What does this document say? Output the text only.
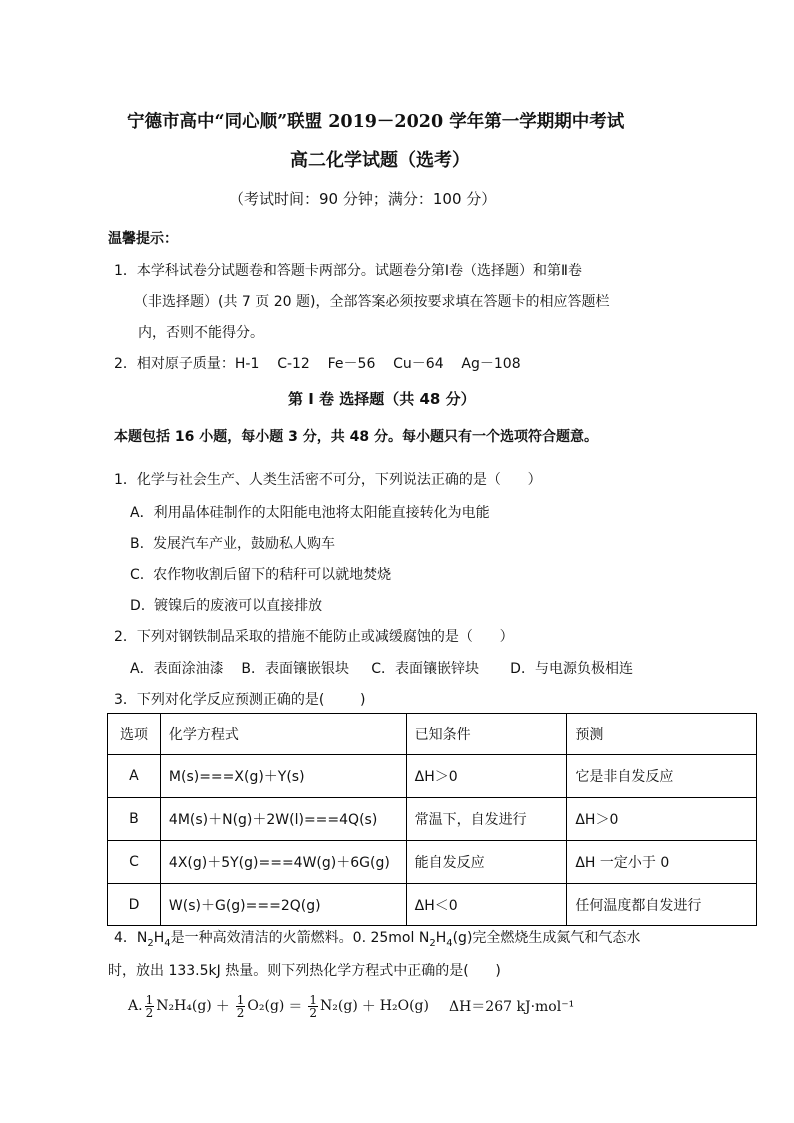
宁德市高中“同心顺”联盟 2019－2020 学年第一学期期中考试
高二化学试题（选考）
（考试时间：90 分钟；满分：100 分）
温馨提示：
1．本学科试卷分试题卷和答题卡两部分。试题卷分第Ⅰ卷（选择题）和第Ⅱ卷
（非选择题）(共 7 页 20 题)，全部答案必须按要求填在答题卡的相应答题栏
内，否则不能得分。
2．相对原子质量：H-1    C-12    Fe－56    Cu－64    Ag－108
第 I 卷 选择题（共 48 分）
本题包括 16 小题，每小题 3 分，共 48 分。每小题只有一个选项符合题意。
1．化学与社会生产、人类生活密不可分，下列说法正确的是（      ）
A．利用晶体硅制作的太阳能电池将太阳能直接转化为电能
B.  发展汽车产业，鼓励私人购车
C.  农作物收割后留下的秸秆可以就地焚烧
D.  镀镍后的废液可以直接排放
2．下列对钢铁制品采取的措施不能防止或减缓腐蚀的是（      ）
A．表面涂油漆    B．表面镶嵌银块     C．表面镶嵌锌块       D．与电源负极相连
3．下列对化学反应预测正确的是(        )
选项	化学方程式	已知条件	预测
A	M(s)===X(g)＋Y(s)	ΔH＞0	它是非自发反应
B	4M(s)＋N(g)＋2W(l)===4Q(s)	常温下，自发进行	ΔH＞0
C	4X(g)＋5Y(g)===4W(g)＋6G(g)	能自发反应	ΔH 一定小于 0
D	W(s)＋G(g)===2Q(g)	ΔH＜0	任何温度都自发进行
4．$N_2H_4$是一种高效清洁的火箭燃料。0. 25mol $N_2H_4(g)$完全燃烧生成氮气和气态水
时，放出 133.5kJ 热量。则下列热化学方程式中正确的是(      )
A. $\frac{1}{2} N_2H_4(g) + \frac{1}{2} O_2(g) = \frac{1}{2} N_2(g) + H_2O(g)$ ΔH＝267 kJ·mol⁻¹
